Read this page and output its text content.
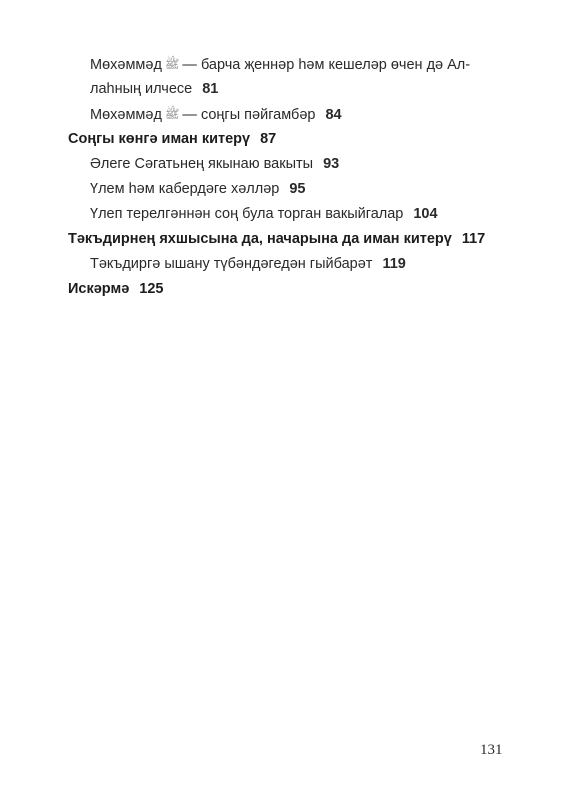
Мөхәммәд ﷺ — барча җеннәр һәм кешеләр өчен дә Ал-
лаһның илчесе 81
Мөхәммәд ﷺ — соңгы пәйгамбәр 84
Соңгы көнгә иман китерү 87
Әлеге Сәгатьнең якынаю вакыты 93
Үлем һәм кабердәге хәлләр 95
Үлеп терелгәннән соң була торган вакыйгалар 104
Тәкъдирнең яхшысына да, начарына да иман китерү 117
Тәкъдиргә ышану түбәндәгедән гыйбарәт 119
Искәрмә 125
131
